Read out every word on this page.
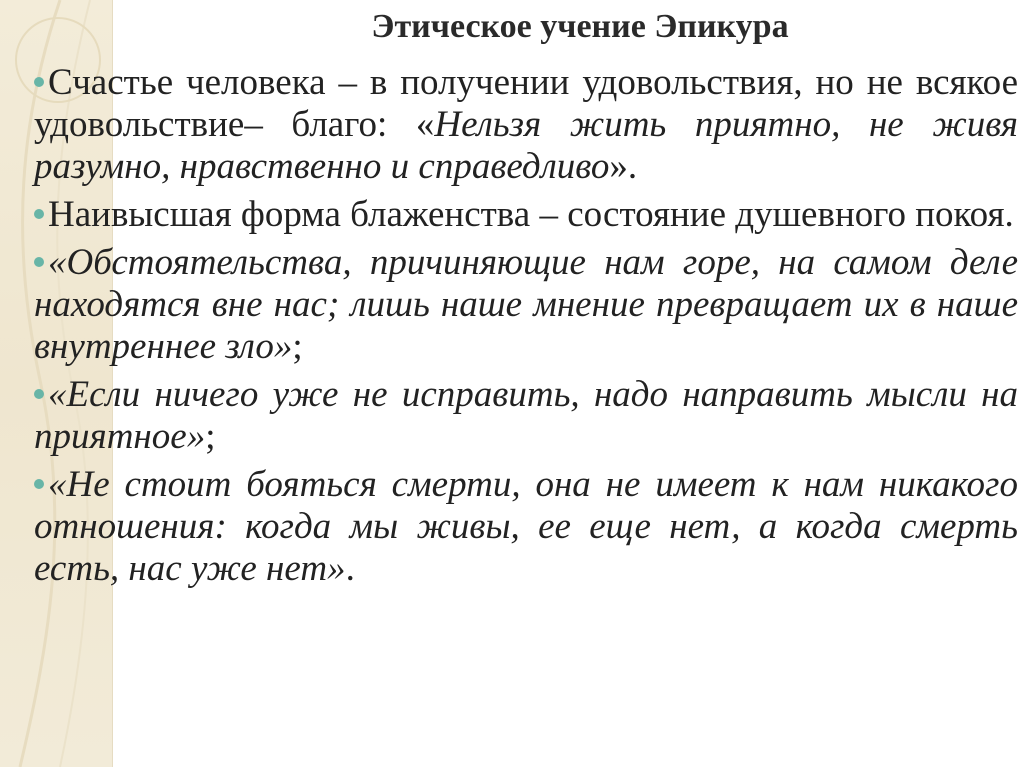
Этическое учение Эпикура

Счастье человека – в получении удовольствия, но не всякое удовольствие– благо: «Нельзя жить приятно, не живя разумно, нравственно и справедливо».

Наивысшая форма блаженства – состояние душевного покоя.

«Обстоятельства, причиняющие нам горе, на самом деле находятся вне нас; лишь наше мнение превращает их в наше внутреннее зло»;

«Если ничего уже не исправить, надо направить мысли на приятное»;

«Не стоит бояться смерти, она не имеет к нам никакого отношения: когда мы живы, ее еще нет, а когда смерть есть, нас уже нет».
